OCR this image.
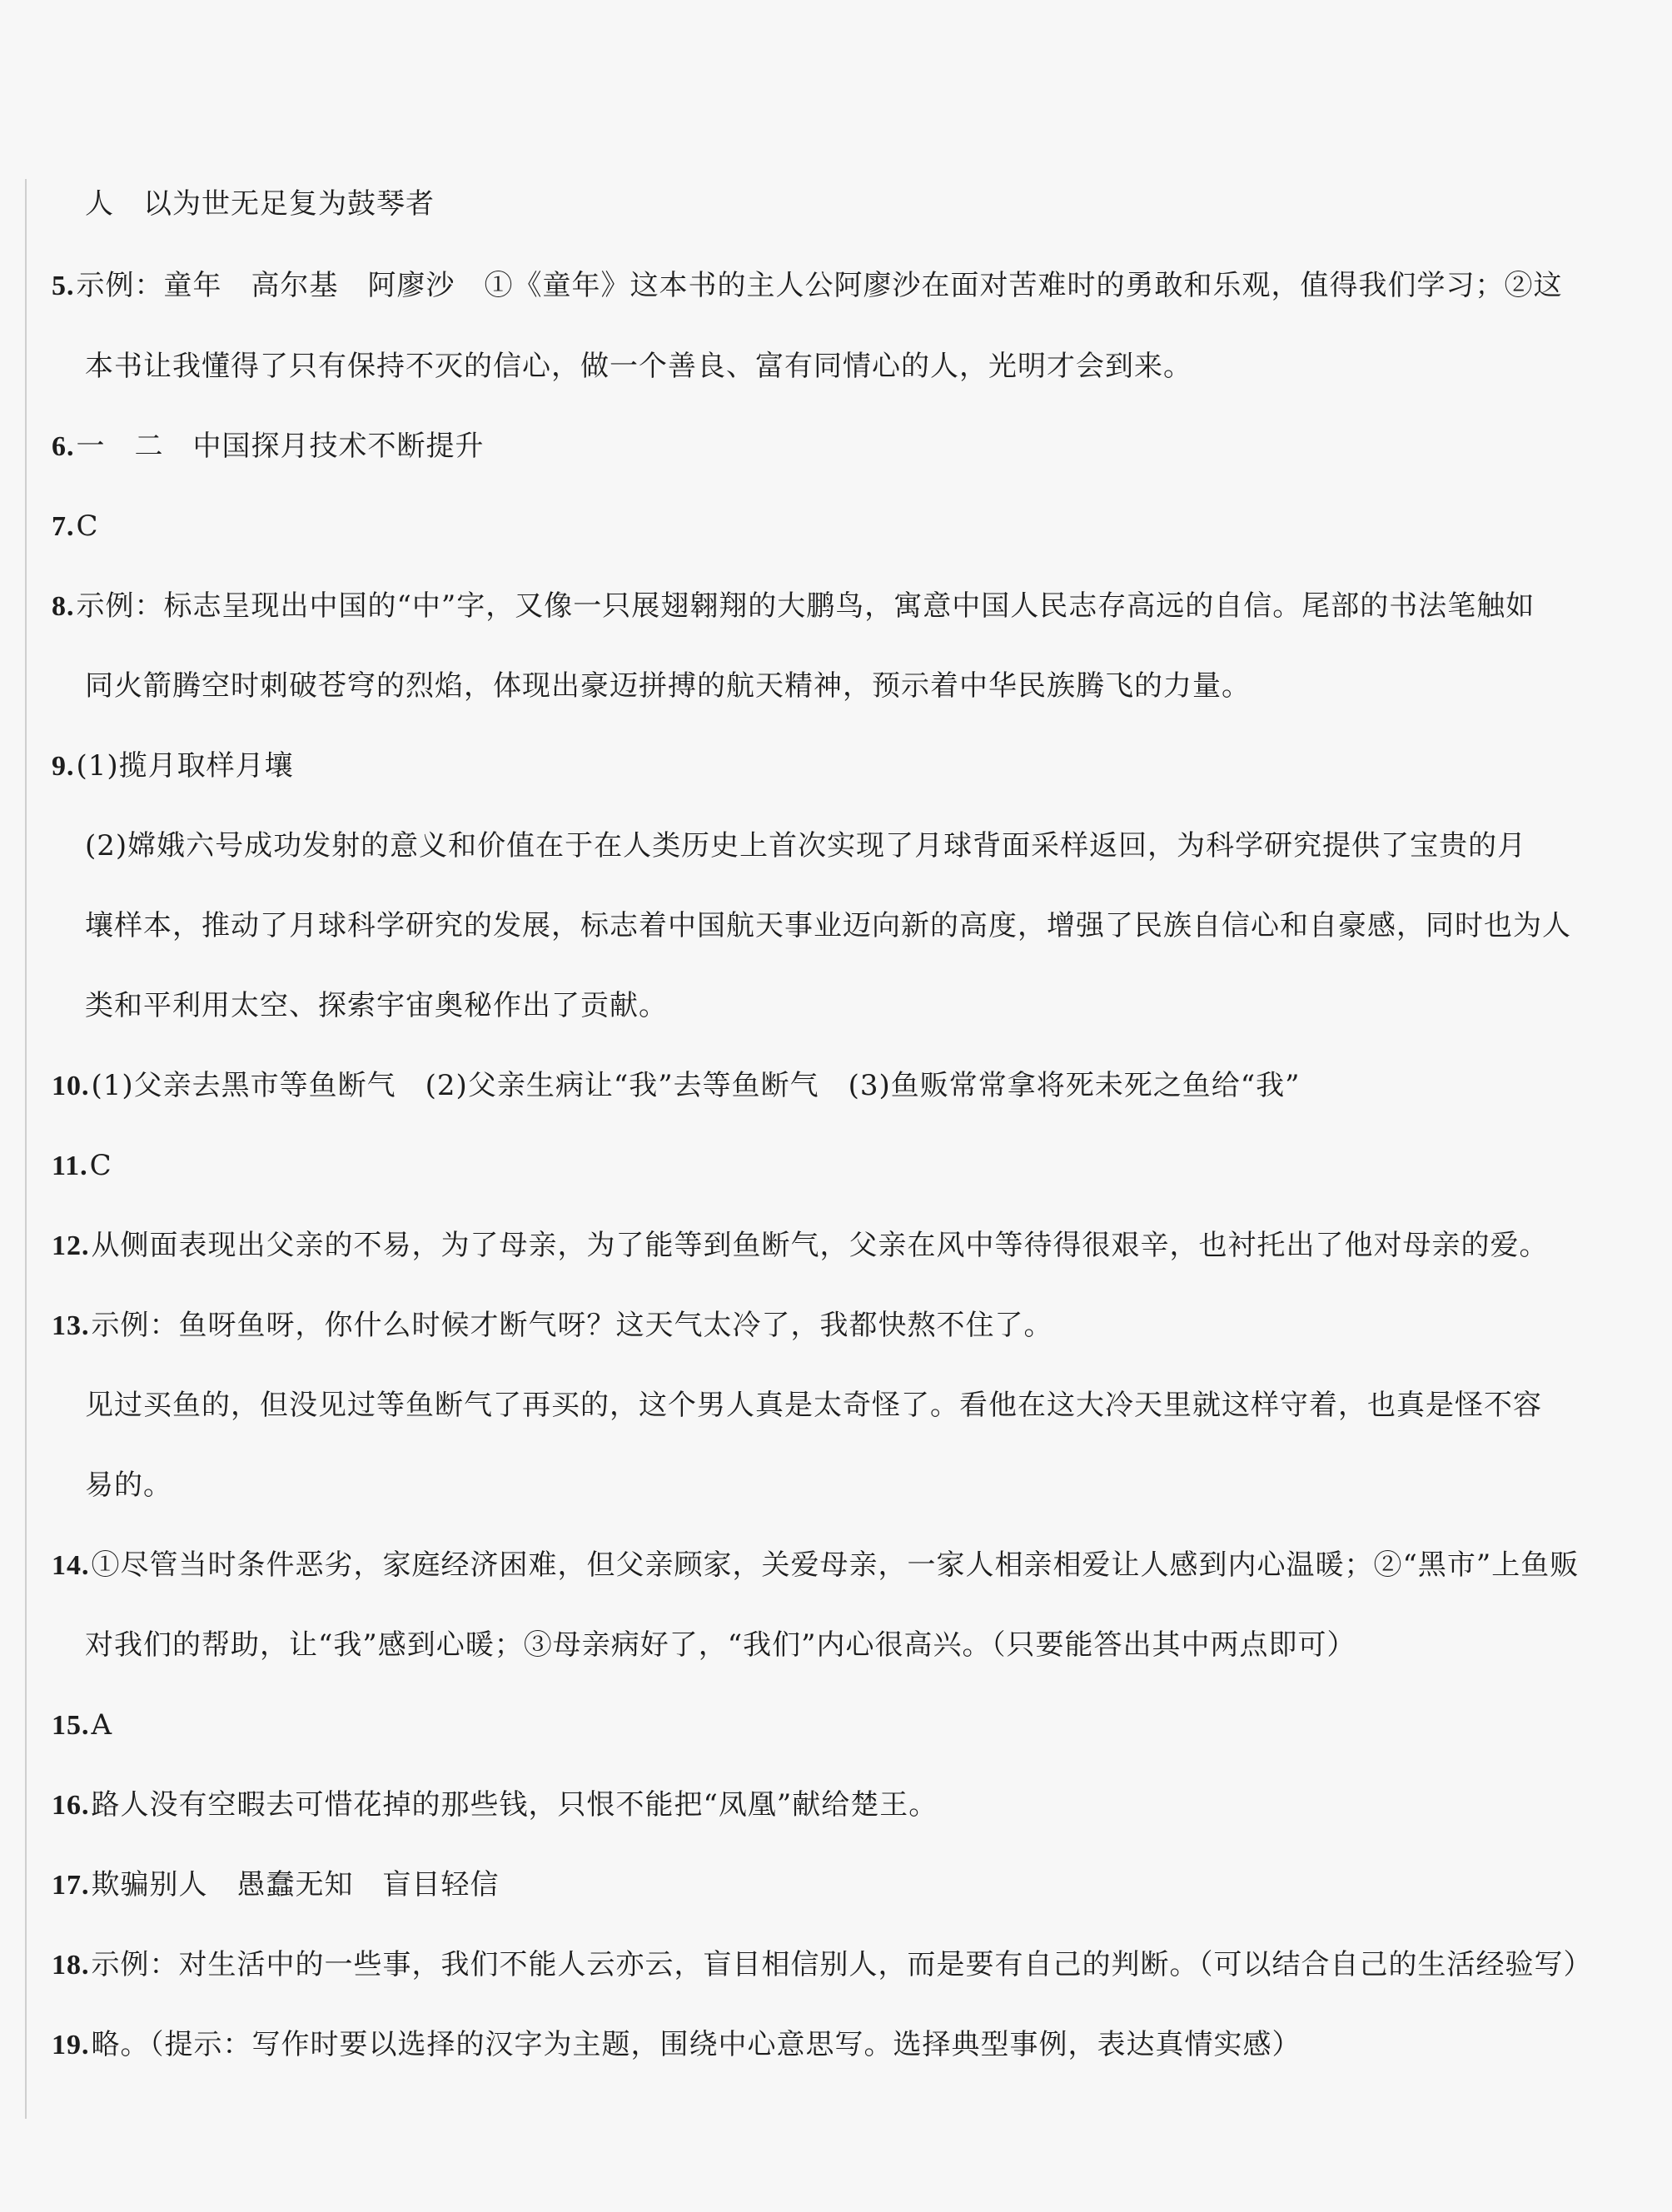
人　以为世无足复为鼓琴者
5.示例：童年　高尔基　阿廖沙　①《童年》这本书的主人公阿廖沙在面对苦难时的勇敢和乐观，值得我们学习；②这
本书让我懂得了只有保持不灭的信心，做一个善良、富有同情心的人，光明才会到来。
6.一　二　中国探月技术不断提升
7.C
8.示例：标志呈现出中国的“中”字，又像一只展翅翱翔的大鹏鸟，寓意中国人民志存高远的自信。尾部的书法笔触如
同火箭腾空时刺破苍穹的烈焰，体现出豪迈拼搏的航天精神，预示着中华民族腾飞的力量。
9.(1)揽月取样月壤
(2)嫦娥六号成功发射的意义和价值在于在人类历史上首次实现了月球背面采样返回，为科学研究提供了宝贵的月
壤样本，推动了月球科学研究的发展，标志着中国航天事业迈向新的高度，增强了民族自信心和自豪感，同时也为人
类和平利用太空、探索宇宙奥秘作出了贡献。
10.(1)父亲去黑市等鱼断气　(2)父亲生病让“我”去等鱼断气　(3)鱼贩常常拿将死未死之鱼给“我”
11.C
12.从侧面表现出父亲的不易，为了母亲，为了能等到鱼断气，父亲在风中等待得很艰辛，也衬托出了他对母亲的爱。
13.示例：鱼呀鱼呀，你什么时候才断气呀？这天气太冷了，我都快熬不住了。
见过买鱼的，但没见过等鱼断气了再买的，这个男人真是太奇怪了。看他在这大冷天里就这样守着，也真是怪不容
易的。
14.①尽管当时条件恶劣，家庭经济困难，但父亲顾家，关爱母亲，一家人相亲相爱让人感到内心温暖；②“黑市”上鱼贩
对我们的帮助，让“我”感到心暖；③母亲病好了，“我们”内心很高兴。（只要能答出其中两点即可）
15.A
16.路人没有空暇去可惜花掉的那些钱，只恨不能把“凤凰”献给楚王。
17.欺骗别人　愚蠢无知　盲目轻信
18.示例：对生活中的一些事，我们不能人云亦云，盲目相信别人，而是要有自己的判断。（可以结合自己的生活经验写）
19.略。（提示：写作时要以选择的汉字为主题，围绕中心意思写。选择典型事例，表达真情实感）
